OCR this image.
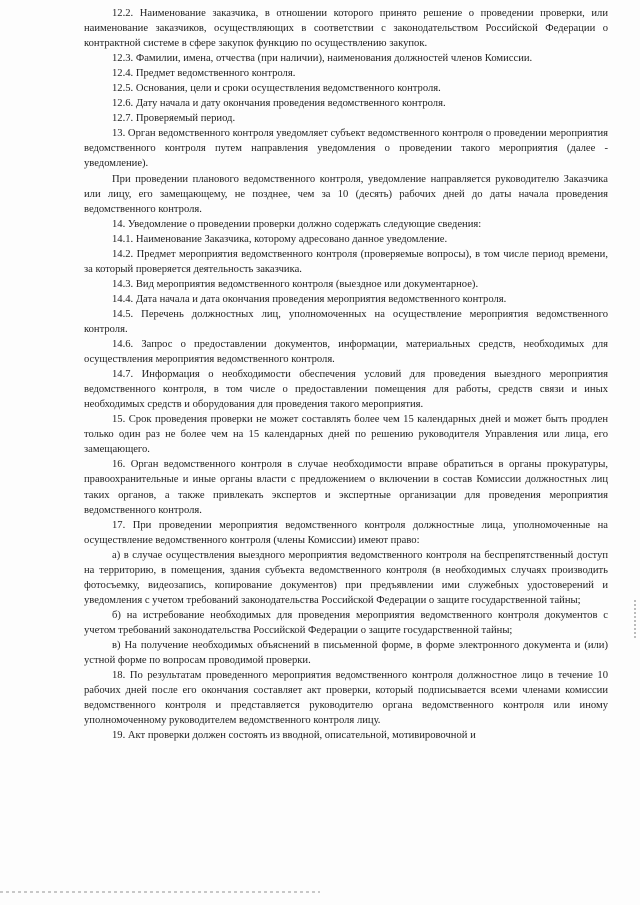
12.2. Наименование заказчика, в отношении которого принято решение о проведении проверки, или наименование заказчиков, осуществляющих в соответствии с законодательством Российской Федерации о контрактной системе в сфере закупок функцию по осуществлению закупок.

12.3. Фамилии, имена, отчества (при наличии), наименования должностей членов Комиссии.

12.4. Предмет ведомственного контроля.

12.5. Основания, цели и сроки осуществления ведомственного контроля.

12.6. Дату начала и дату окончания проведения ведомственного контроля.

12.7. Проверяемый период.

13. Орган ведомственного контроля уведомляет субъект ведомственного контроля о проведении мероприятия ведомственного контроля путем направления уведомления о проведении такого мероприятия (далее - уведомление).

При проведении планового ведомственного контроля, уведомление направляется руководителю Заказчика или лицу, его замещающему, не позднее, чем за 10 (десять) рабочих дней до даты начала проведения ведомственного контроля.

14. Уведомление о проведении проверки должно содержать следующие сведения:

14.1. Наименование Заказчика, которому адресовано данное уведомление.

14.2. Предмет мероприятия ведомственного контроля (проверяемые вопросы), в том числе период времени, за который проверяется деятельность заказчика.

14.3. Вид мероприятия ведомственного контроля (выездное или документарное).

14.4. Дата начала и дата окончания проведения мероприятия ведомственного контроля.

14.5. Перечень должностных лиц, уполномоченных на осуществление мероприятия ведомственного контроля.

14.6. Запрос о предоставлении документов, информации, материальных средств, необходимых для осуществления мероприятия ведомственного контроля.

14.7. Информация о необходимости обеспечения условий для проведения выездного мероприятия ведомственного контроля, в том числе о предоставлении помещения для работы, средств связи и иных необходимых средств и оборудования для проведения такого мероприятия.

15. Срок проведения проверки не может составлять более чем 15 календарных дней и может быть продлен только один раз не более чем на 15 календарных дней по решению руководителя Управления или лица, его замещающего.

16. Орган ведомственного контроля в случае необходимости вправе обратиться в органы прокуратуры, правоохранительные и иные органы власти с предложением о включении в состав Комиссии должностных лиц таких органов, а также привлекать экспертов и экспертные организации для проведения мероприятия ведомственного контроля.

17. При проведении мероприятия ведомственного контроля должностные лица, уполномоченные на осуществление ведомственного контроля (члены Комиссии) имеют право:

а) в случае осуществления выездного мероприятия ведомственного контроля на беспрепятственный доступ на территорию, в помещения, здания субъекта ведомственного контроля (в необходимых случаях производить фотосъемку, видеозапись, копирование документов) при предъявлении ими служебных удостоверений и уведомления с учетом требований законодательства Российской Федерации о защите государственной тайны;

б) на истребование необходимых для проведения мероприятия ведомственного контроля документов с учетом требований законодательства Российской Федерации о защите государственной тайны;

в) На получение необходимых объяснений в письменной форме, в форме электронного документа и (или) устной форме по вопросам проводимой проверки.

18. По результатам проведенного мероприятия ведомственного контроля должностное лицо в течение 10 рабочих дней после его окончания составляет акт проверки, который подписывается всеми членами комиссии ведомственного контроля и представляется руководителю органа ведомственного контроля или иному уполномоченному руководителем ведомственного контроля лицу.

19. Акт проверки должен состоять из вводной, описательной, мотивировочной и
